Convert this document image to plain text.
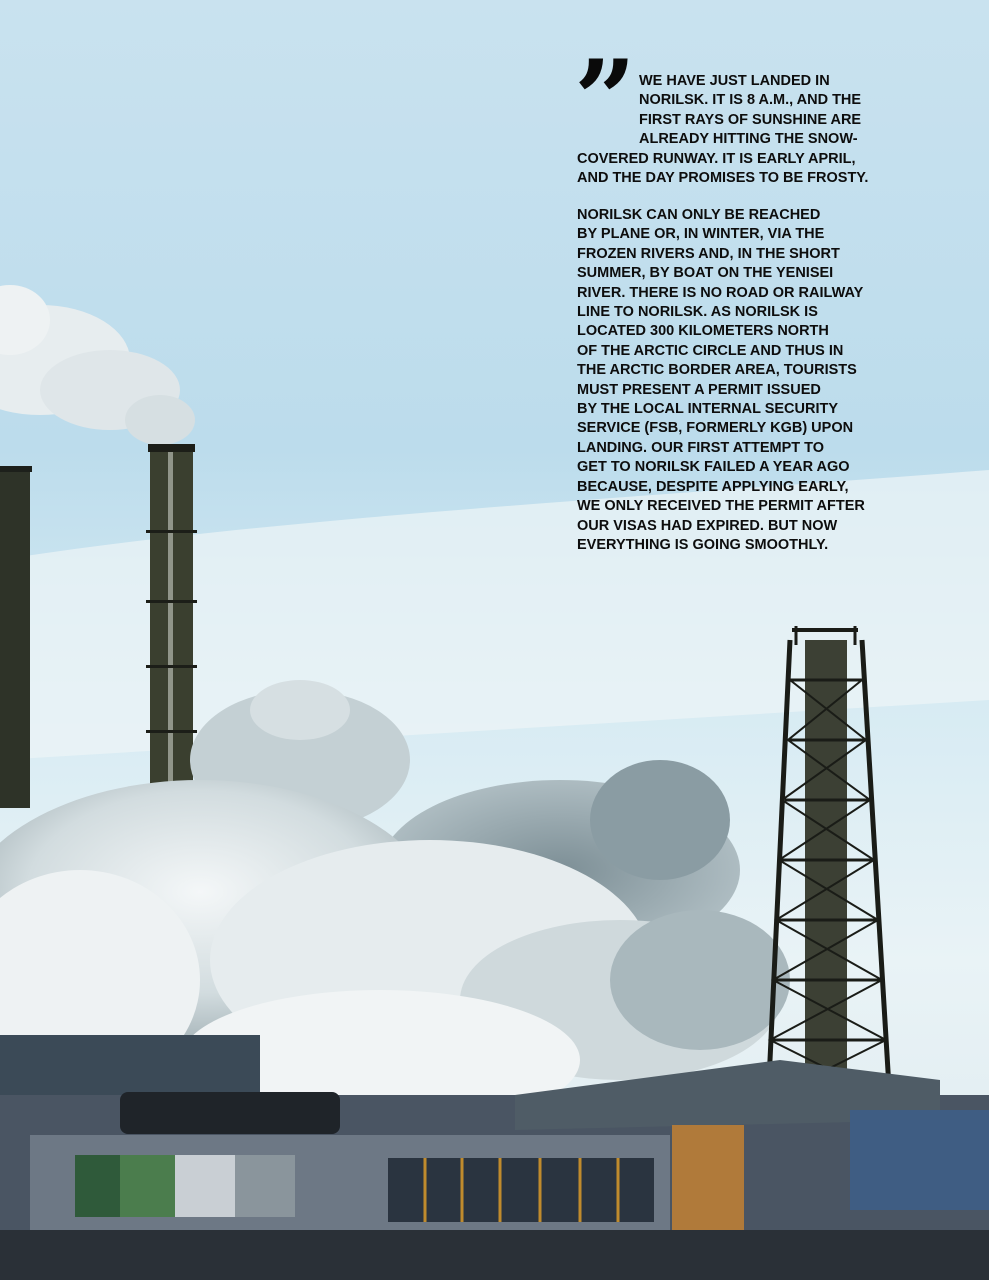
” WE HAVE JUST LANDED IN
NORILSK. IT IS 8 A.M., AND THE
FIRST RAYS OF SUNSHINE ARE
ALREADY HITTING THE SNOW-
COVERED RUNWAY. IT IS EARLY APRIL,
AND THE DAY PROMISES TO BE FROSTY.
NORILSK CAN ONLY BE REACHED
BY PLANE OR, IN WINTER, VIA THE
FROZEN RIVERS AND, IN THE SHORT
SUMMER, BY BOAT ON THE YENISEI
RIVER. THERE IS NO ROAD OR RAILWAY
LINE TO NORILSK. AS NORILSK IS
LOCATED 300 KILOMETERS NORTH
OF THE ARCTIC CIRCLE AND THUS IN
THE ARCTIC BORDER AREA, TOURISTS
MUST PRESENT A PERMIT ISSUED
BY THE LOCAL INTERNAL SECURITY
SERVICE (FSB, FORMERLY KGB) UPON
LANDING. OUR FIRST ATTEMPT TO
GET TO NORILSK FAILED A YEAR AGO
BECAUSE, DESPITE APPLYING EARLY,
WE ONLY RECEIVED THE PERMIT AFTER
OUR VISAS HAD EXPIRED. BUT NOW
EVERYTHING IS GOING SMOOTHLY.
